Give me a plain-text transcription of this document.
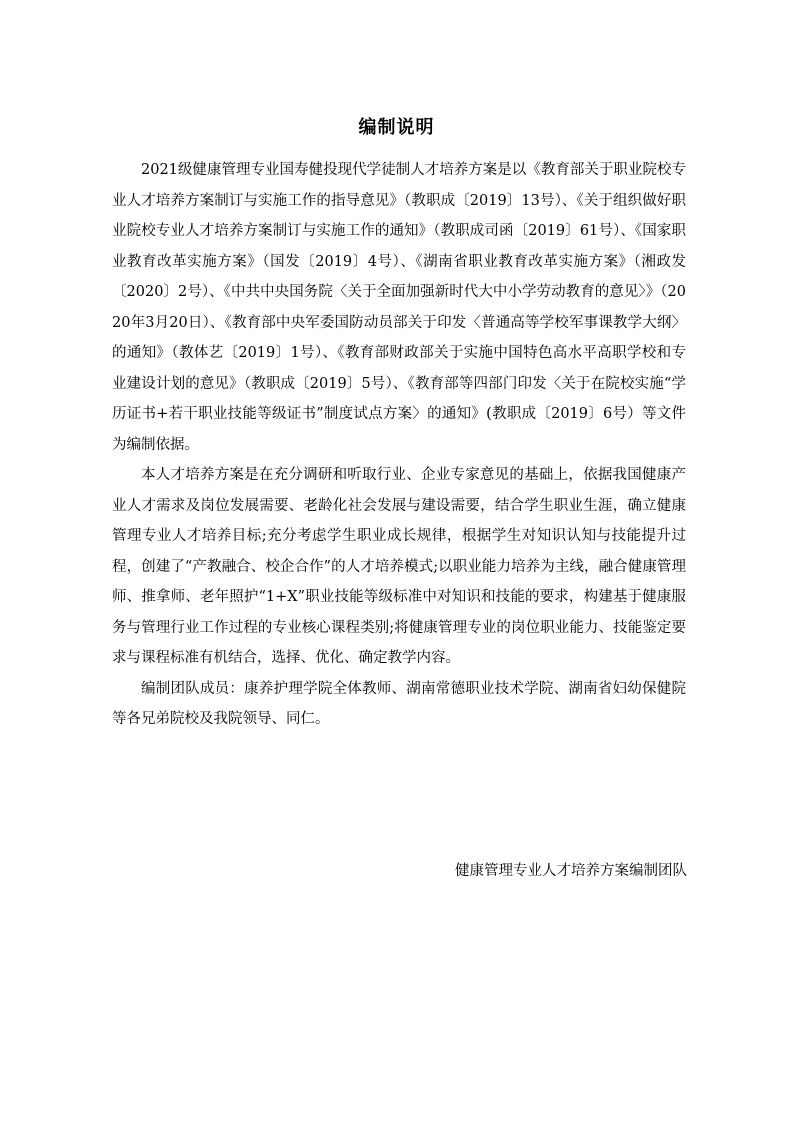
编制说明

2021级健康管理专业国寿健投现代学徒制人才培养方案是以《教育部关于职业院校专业人才培养方案制订与实施工作的指导意见》（教职成〔2019〕13号）、《关于组织做好职业院校专业人才培养方案制订与实施工作的通知》（教职成司函〔2019〕61号）、《国家职业教育改革实施方案》（国发〔2019〕4号）、《湖南省职业教育改革实施方案》（湘政发〔2020〕2号）、《中共中央国务院〈关于全面加强新时代大中小学劳动教育的意见〉》（2020年3月20日）、《教育部中央军委国防动员部关于印发〈普通高等学校军事课教学大纲〉的通知》（教体艺〔2019〕1号）、《教育部财政部关于实施中国特色高水平高职学校和专业建设计划的意见》（教职成〔2019〕5号）、《教育部等四部门印发〈关于在院校实施“学历证书+若干职业技能等级证书”制度试点方案〉的通知》(教职成〔2019〕6号）等文件为编制依据。

本人才培养方案是在充分调研和听取行业、企业专家意见的基础上，依据我国健康产业人才需求及岗位发展需要、老龄化社会发展与建设需要，结合学生职业生涯，确立健康管理专业人才培养目标;充分考虑学生职业成长规律，根据学生对知识认知与技能提升过程，创建了“产教融合、校企合作”的人才培养模式;以职业能力培养为主线，融合健康管理师、推拿师、老年照护“1+X”职业技能等级标准中对知识和技能的要求，构建基于健康服务与管理行业工作过程的专业核心课程类别;将健康管理专业的岗位职业能力、技能鉴定要求与课程标准有机结合，选择、优化、确定教学内容。

编制团队成员：康养护理学院全体教师、湖南常德职业技术学院、湖南省妇幼保健院等各兄弟院校及我院领导、同仁。

健康管理专业人才培养方案编制团队
